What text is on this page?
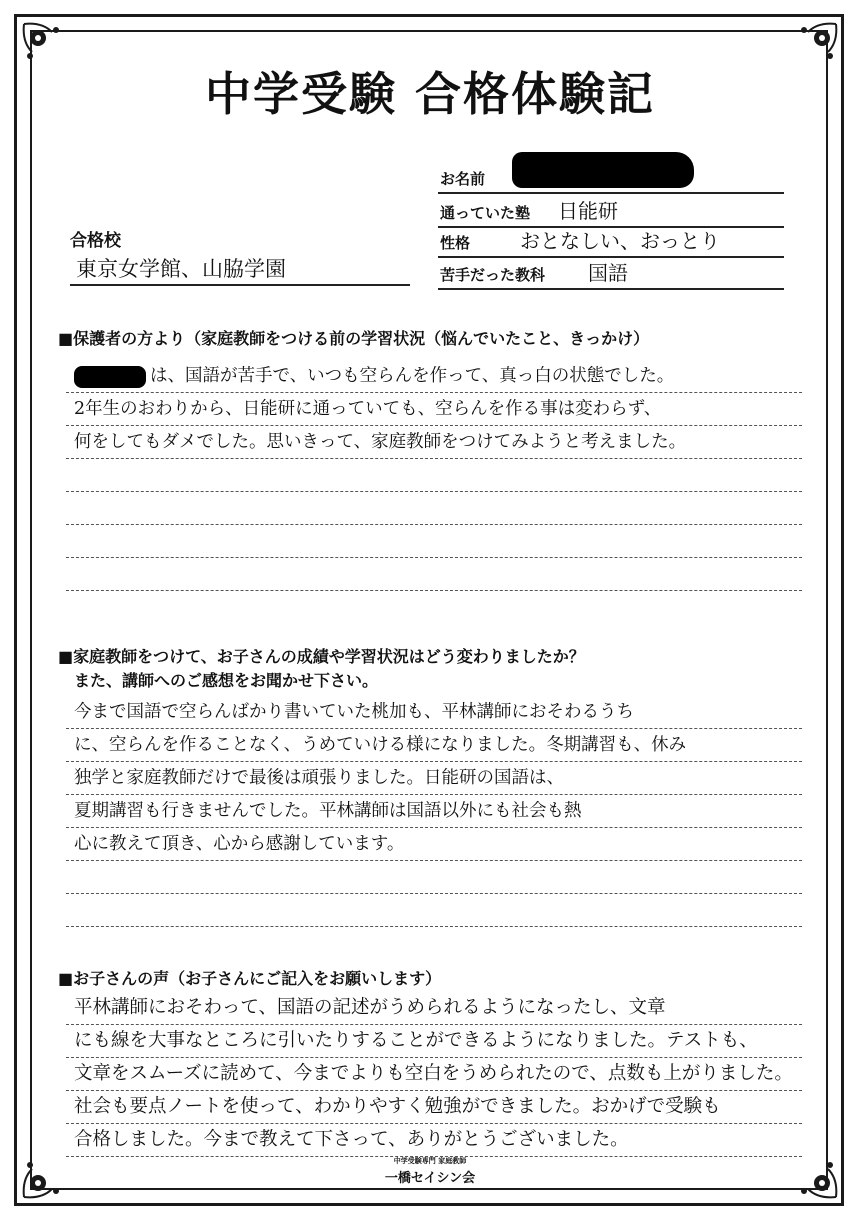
中学受験 合格体験記
お名前
通っていた塾 日能研
性格 おとなしい、おっとり
苦手だった教科 国語
合格校
東京女学館、山脇学園
■保護者の方より（家庭教師をつける前の学習状況（悩んでいたこと、きっかけ）
は、国語が苦手で、いつも空らんを作って、真っ白の状態でした。
2年生のおわりから、日能研に通っていても、空らんを作る事は変わらず、
何をしてもダメでした。思いきって、家庭教師をつけてみようと考えました。
■家庭教師をつけて、お子さんの成績や学習状況はどう変わりましたか？
また、講師へのご感想をお聞かせ下さい。
今まで国語で空らんばかり書いていた桃加も、平林講師におそわるうち
に、空らんを作ることなく、うめていける様になりました。冬期講習も、休み
独学と家庭教師だけで最後は頑張りました。日能研の国語は、
夏期講習も行きませんでした。平林講師は国語以外にも社会も熱
心に教えて頂き、心から感謝しています。
■お子さんの声（お子さんにご記入をお願いします）
平林講師におそわって、国語の記述がうめられるようになったし、文章
にも線を大事なところに引いたりすることができるようになりました。テストも、
文章をスムーズに読めて、今までよりも空白をうめられたので、点数も上がりました。
社会も要点ノートを使って、わかりやすく勉強ができました。おかげで受験も
合格しました。今まで教えて下さって、ありがとうございました。
中学受験専門 家庭教師
一橋セイシン会
